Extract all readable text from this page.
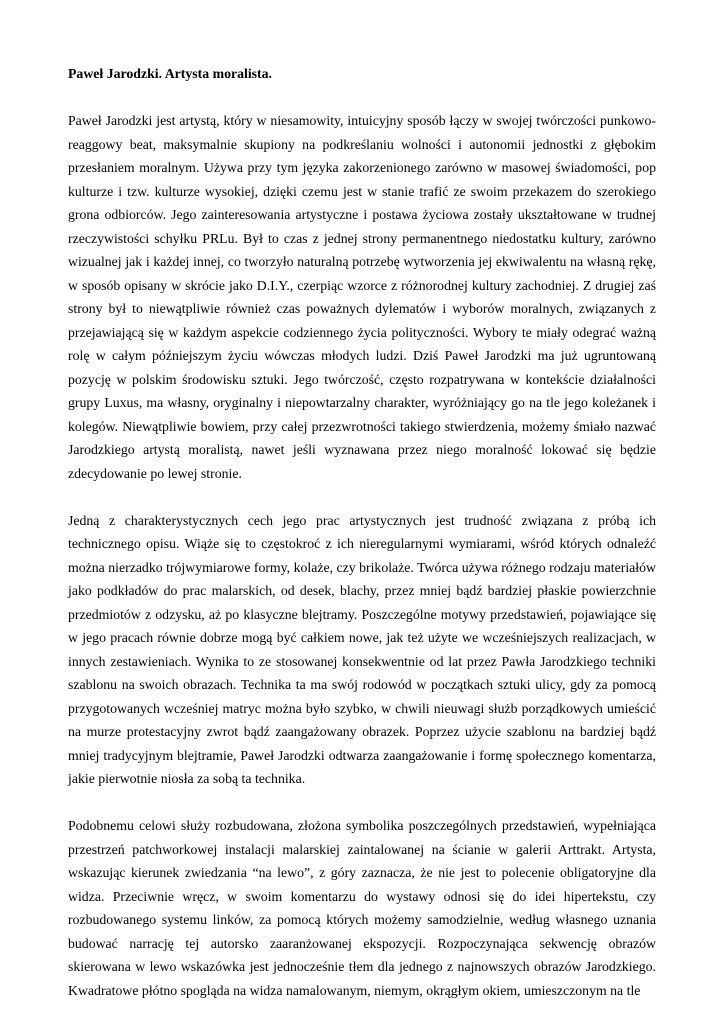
Paweł Jarodzki. Artysta moralista.

Paweł Jarodzki jest artystą, który w niesamowity, intuicyjny sposób łączy w swojej twórczości punkowo-reaggowy beat, maksymalnie skupiony na podkreślaniu wolności i autonomii jednostki z głębokim przesłaniem moralnym. Używa przy tym języka zakorzenionego zarówno w masowej świadomości, pop kulturze i tzw. kulturze wysokiej, dzięki czemu jest w stanie trafić ze swoim przekazem do szerokiego grona odbiorców. Jego zainteresowania artystyczne i postawa życiowa zostały ukształtowane w trudnej rzeczywistości schyłku PRLu. Był to czas z jednej strony permanentnego niedostatku kultury, zarówno wizualnej jak i każdej innej, co tworzyło naturalną potrzebę wytworzenia jej ekwiwalentu na własną rękę, w sposób opisany w skrócie jako D.I.Y., czerpiąc wzorce z różnorodnej kultury zachodniej. Z drugiej zaś strony był to niewątpliwie również czas poważnych dylematów i wyborów moralnych, związanych z przejawiającą się w każdym aspekcie codziennego życia polityczności. Wybory te miały odegrać ważną rolę w całym późniejszym życiu wówczas młodych ludzi. Dziś Paweł Jarodzki ma już ugruntowaną pozycję w polskim środowisku sztuki. Jego twórczość, często rozpatrywana w kontekście działalności grupy Luxus, ma własny, oryginalny i niepowtarzalny charakter, wyróżniający go na tle jego koleżanek i kolegów. Niewątpliwie bowiem, przy całej przezwrotności takiego stwierdzenia, możemy śmiało nazwać Jarodzkiego artystą moralistą, nawet jeśli wyznawana przez niego moralność lokować się będzie zdecydowanie po lewej stronie.

Jedną z charakterystycznych cech jego prac artystycznych jest trudność związana z próbą ich technicznego opisu. Wiąże się to częstokroć z ich nieregularnymi wymiarami, wśród których odnaleźć można nierzadko trójwymiarowe formy, kolaże, czy brikolaże. Twórca używa różnego rodzaju materiałów jako podkładów do prac malarskich, od desek, blachy, przez mniej bądź bardziej płaskie powierzchnie przedmiotów z odzysku, aż po klasyczne blejtramy. Poszczególne motywy przedstawień, pojawiające się w jego pracach równie dobrze mogą być całkiem nowe, jak też użyte we wcześniejszych realizacjach, w innych zestawieniach. Wynika to ze stosowanej konsekwentnie od lat przez Pawła Jarodzkiego techniki szablonu na swoich obrazach. Technika ta ma swój rodowód w początkach sztuki ulicy, gdy za pomocą przygotowanych wcześniej matryc można było szybko, w chwili nieuwagi służb porządkowych umieścić na murze protestacyjny zwrot bądź zaangażowany obrazek. Poprzez użycie szablonu na bardziej bądź mniej tradycyjnym blejtramie, Paweł Jarodzki odtwarza zaangażowanie i formę społecznego komentarza, jakie pierwotnie niosła za sobą ta technika.

Podobnemu celowi służy rozbudowana, złożona symbolika poszczególnych przedstawień, wypełniająca przestrzeń patchworkowej instalacji malarskiej zaintalowanej na ścianie w galerii Arttrakt. Artysta, wskazując kierunek zwiedzania “na lewo”, z góry zaznacza, że nie jest to polecenie obligatoryjne dla widza. Przeciwnie wręcz, w swoim komentarzu do wystawy odnosi się do idei hipertekstu, czy rozbudowanego systemu linków, za pomocą których możemy samodzielnie, według własnego uznania budować narrację tej autorsko zaaranżowanej ekspozycji. Rozpoczynająca sekwencję obrazów skierowana w lewo wskazówka jest jednocześnie tłem dla jednego z najnowszych obrazów Jarodzkiego. Kwadratowe płótno spogląda na widza namalowanym, niemym, okrągłym okiem, umieszczonym na tle
